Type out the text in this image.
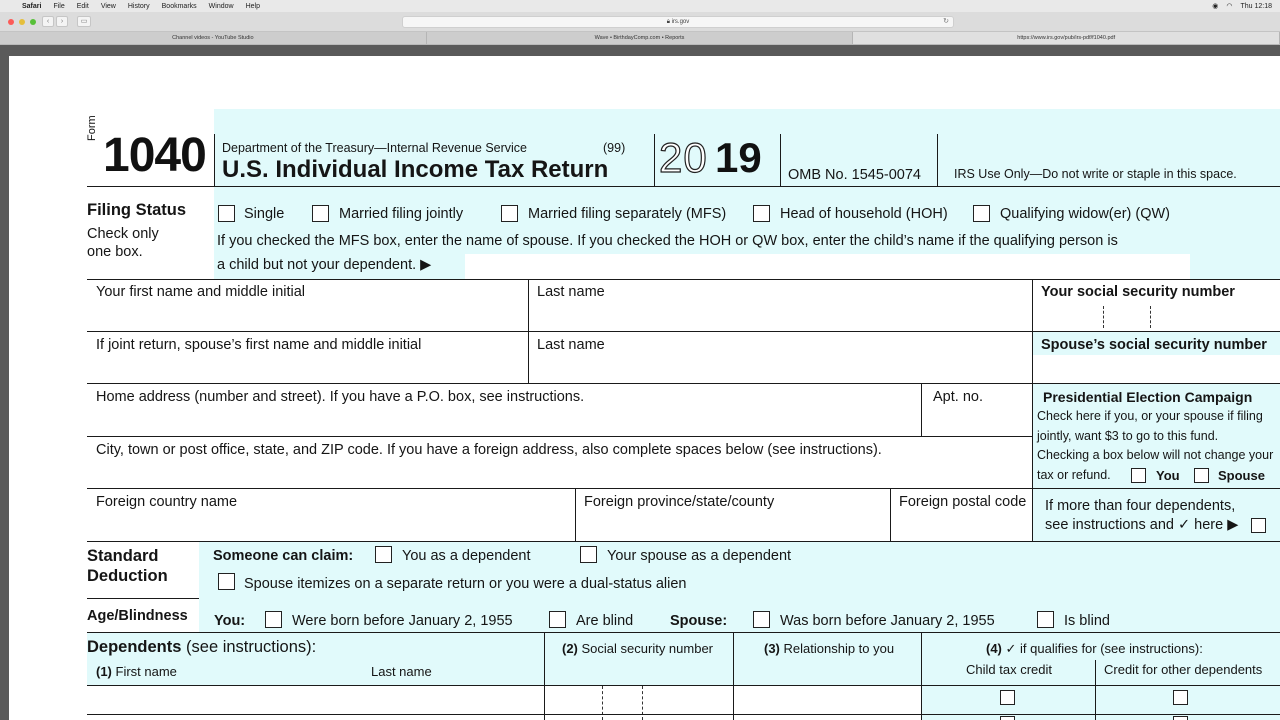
Safari File Edit View History Bookmarks Window Help	◉ ◠ Thu 12:18
‹	›	▭	🔒︎ irs.gov	↻
Channel videos - YouTube Studio	Wave • BirthdayComp.com • Reports	https://www.irs.gov/pub/irs-pdf/f1040.pdf
Form
1040 Department of the Treasury—Internal Revenue Service	(99)
U.S. Individual Income Tax Return 20 19 OMB No. 1545-0074	IRS Use Only—Do not write or staple in this space.
Filing Status
Check only
one box.
Single	Married filing jointly	Married filing separately (MFS)	Head of household (HOH)	Qualifying widow(er) (QW)
If you checked the MFS box, enter the name of spouse. If you checked the HOH or QW box, enter the child’s name if the qualifying person is
a child but not your dependent. ▶
Your first name and middle initial	Last name	Your social security number
If joint return, spouse’s first name and middle initial	Last name	Spouse’s social security number
Home address (number and street). If you have a P.O. box, see instructions.	Apt. no.
City, town or post office, state, and ZIP code. If you have a foreign address, also complete spaces below (see instructions).
Foreign country name	Foreign province/state/county	Foreign postal code
Presidential Election Campaign
Check here if you, or your spouse if filing
jointly, want $3 to go to this fund.
Checking a box below will not change your
tax or refund.	You	Spouse
If more than four dependents,
see instructions and ✓ here ▶
Standard
Deduction
Someone can claim:	You as a dependent	Your spouse as a dependent
Spouse itemizes on a separate return or you were a dual-status alien
Age/Blindness You:	Were born before January 2, 1955	Are blind	Spouse:	Was born before January 2, 1955	Is blind
Dependents (see instructions):
(1) First name	Last name
(2) Social security number	(3) Relationship to you	(4) ✓ if qualifies for (see instructions):
Child tax credit	Credit for other dependents
